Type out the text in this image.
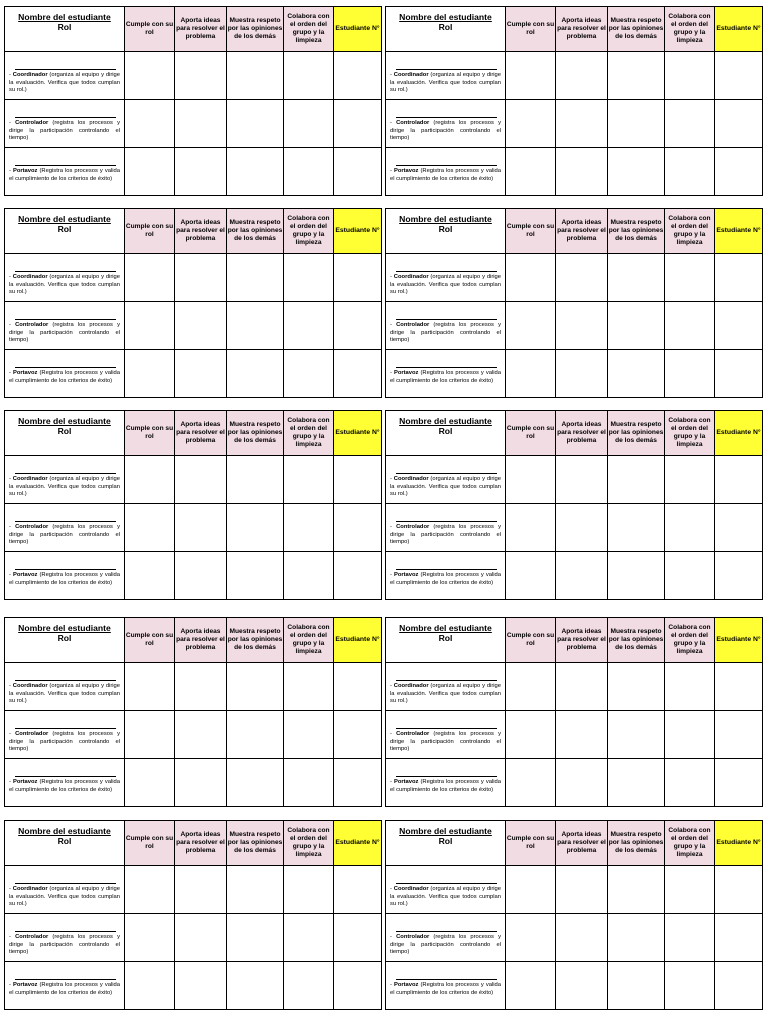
Nombre del estudiante
Rol	Cumple con su rol	Aporta ideas para resolver el problema	Muestra respeto por las opiniones de los demás	Colabora con el orden del grupo y la limpieza	Estudiante N°

- Coordinador (organiza al equipo y dirige la evaluación. Verifica que todos cumplan su rol.)					

- Controlador (registra los procesos y dirige la participación controlando el tiempo)					

- Portavoz (Registra los procesos y valida el cumplimiento de los criterios de éxito)					

Nombre del estudiante
Rol	Cumple con su rol	Aporta ideas para resolver el problema	Muestra respeto por las opiniones de los demás	Colabora con el orden del grupo y la limpieza	Estudiante N°

- Coordinador (organiza al equipo y dirige la evaluación. Verifica que todos cumplan su rol.)					

- Controlador (registra los procesos y dirige la participación controlando el tiempo)					

- Portavoz (Registra los procesos y valida el cumplimiento de los criterios de éxito)					

Nombre del estudiante
Rol	Cumple con su rol	Aporta ideas para resolver el problema	Muestra respeto por las opiniones de los demás	Colabora con el orden del grupo y la limpieza	Estudiante N°

- Coordinador (organiza al equipo y dirige la evaluación. Verifica que todos cumplan su rol.)					

- Controlador (registra los procesos y dirige la participación controlando el tiempo)					

- Portavoz (Registra los procesos y valida el cumplimiento de los criterios de éxito)					

Nombre del estudiante
Rol	Cumple con su rol	Aporta ideas para resolver el problema	Muestra respeto por las opiniones de los demás	Colabora con el orden del grupo y la limpieza	Estudiante N°

- Coordinador (organiza al equipo y dirige la evaluación. Verifica que todos cumplan su rol.)					

- Controlador (registra los procesos y dirige la participación controlando el tiempo)					

- Portavoz (Registra los procesos y valida el cumplimiento de los criterios de éxito)					

Nombre del estudiante
Rol	Cumple con su rol	Aporta ideas para resolver el problema	Muestra respeto por las opiniones de los demás	Colabora con el orden del grupo y la limpieza	Estudiante N°

- Coordinador (organiza al equipo y dirige la evaluación. Verifica que todos cumplan su rol.)					

- Controlador (registra los procesos y dirige la participación controlando el tiempo)					

- Portavoz (Registra los procesos y valida el cumplimiento de los criterios de éxito)					

Nombre del estudiante
Rol	Cumple con su rol	Aporta ideas para resolver el problema	Muestra respeto por las opiniones de los demás	Colabora con el orden del grupo y la limpieza	Estudiante N°

- Coordinador (organiza al equipo y dirige la evaluación. Verifica que todos cumplan su rol.)					

- Controlador (registra los procesos y dirige la participación controlando el tiempo)					

- Portavoz (Registra los procesos y valida el cumplimiento de los criterios de éxito)					

Nombre del estudiante
Rol	Cumple con su rol	Aporta ideas para resolver el problema	Muestra respeto por las opiniones de los demás	Colabora con el orden del grupo y la limpieza	Estudiante N°

- Coordinador (organiza al equipo y dirige la evaluación. Verifica que todos cumplan su rol.)					

- Controlador (registra los procesos y dirige la participación controlando el tiempo)					

- Portavoz (Registra los procesos y valida el cumplimiento de los criterios de éxito)					

Nombre del estudiante
Rol	Cumple con su rol	Aporta ideas para resolver el problema	Muestra respeto por las opiniones de los demás	Colabora con el orden del grupo y la limpieza	Estudiante N°

- Coordinador (organiza al equipo y dirige la evaluación. Verifica que todos cumplan su rol.)					

- Controlador (registra los procesos y dirige la participación controlando el tiempo)					

- Portavoz (Registra los procesos y valida el cumplimiento de los criterios de éxito)					

Nombre del estudiante
Rol	Cumple con su rol	Aporta ideas para resolver el problema	Muestra respeto por las opiniones de los demás	Colabora con el orden del grupo y la limpieza	Estudiante N°

- Coordinador (organiza al equipo y dirige la evaluación. Verifica que todos cumplan su rol.)					

- Controlador (registra los procesos y dirige la participación controlando el tiempo)					

- Portavoz (Registra los procesos y valida el cumplimiento de los criterios de éxito)					

Nombre del estudiante
Rol	Cumple con su rol	Aporta ideas para resolver el problema	Muestra respeto por las opiniones de los demás	Colabora con el orden del grupo y la limpieza	Estudiante N°

- Coordinador (organiza al equipo y dirige la evaluación. Verifica que todos cumplan su rol.)					

- Controlador (registra los procesos y dirige la participación controlando el tiempo)					

- Portavoz (Registra los procesos y valida el cumplimiento de los criterios de éxito)					
